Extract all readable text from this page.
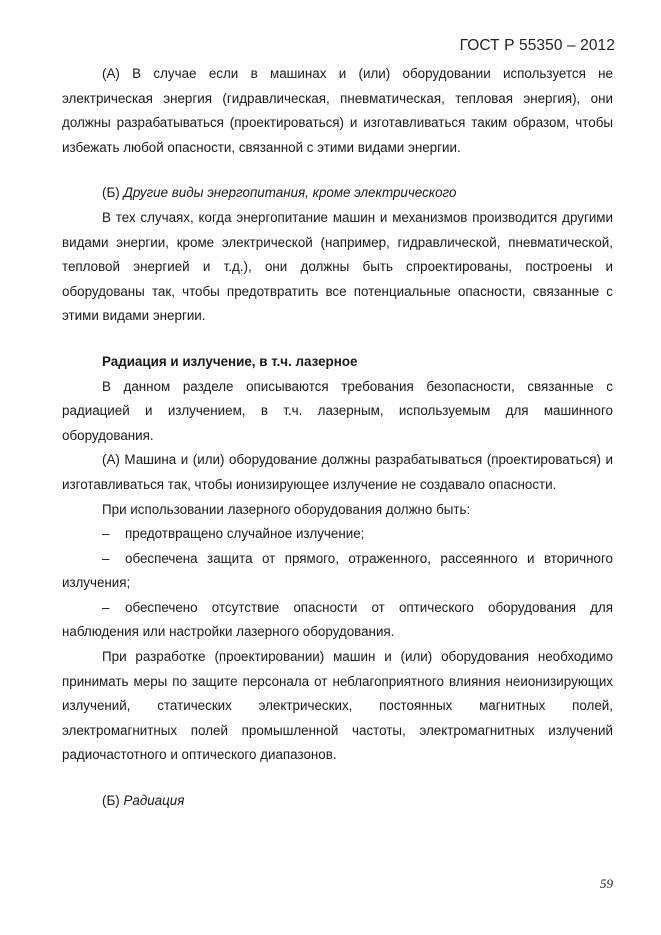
ГОСТ Р 55350 – 2012

(А) В случае если в машинах и (или) оборудовании используется не электрическая энергия (гидравлическая, пневматическая, тепловая энергия), они должны разрабатываться (проектироваться) и изготавливаться таким образом, чтобы избежать любой опасности, связанной с этими видами энергии.

(Б) Другие виды энергопитания, кроме электрического

В тех случаях, когда энергопитание машин и механизмов производится другими видами энергии, кроме электрической (например, гидравлической, пневматической, тепловой энергией и т.д.), они должны быть спроектированы, построены и оборудованы так, чтобы предотвратить все потенциальные опасности, связанные с этими видами энергии.

Радиация и излучение, в т.ч. лазерное

В данном разделе описываются требования безопасности, связанные с радиацией и излучением, в т.ч. лазерным, используемым для машинного оборудования.

(А) Машина и (или) оборудование должны разрабатываться (проектироваться) и изготавливаться так, чтобы ионизирующее излучение не создавало опасности.

При использовании лазерного оборудования должно быть:

– предотвращено случайное излучение;

– обеспечена защита от прямого, отраженного, рассеянного и вторичного излучения;

– обеспечено отсутствие опасности от оптического оборудования для наблюдения или настройки лазерного оборудования.

При разработке (проектировании) машин и (или) оборудования необходимо принимать меры по защите персонала от неблагоприятного влияния неионизирующих излучений, статических электрических, постоянных магнитных полей, электромагнитных полей промышленной частоты, электромагнитных излучений радиочастотного и оптического диапазонов.

(Б) Радиация

59
